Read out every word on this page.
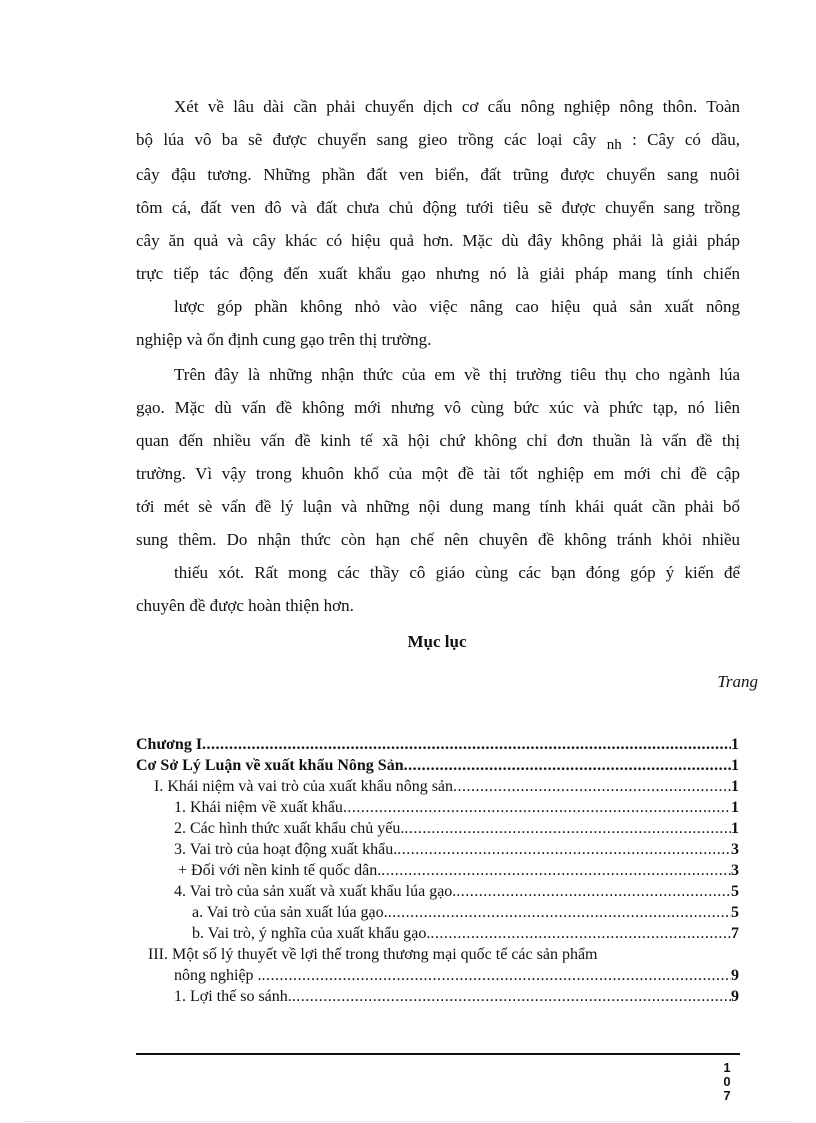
Xét về lâu dài cần phải chuyển dịch cơ cấu nông nghiệp nông thôn. Toàn
bộ lúa vô ba sẽ được chuyển sang gieo trồng các loại cây nh : Cây có dầu,
cây đậu tương. Những phần đất ven biển, đất trũng được chuyển sang nuôi
tôm cá, đất ven đô và đất chưa chủ động tưới tiêu sẽ được chuyển sang trồng
cây ăn quả và cây khác có hiệu quả hơn. Mặc dù đây không phải là giải pháp
trực tiếp tác động đến xuất khẩu gạo nhưng nó là giải pháp mang tính chiến
lược góp phần không nhỏ vào việc nâng cao hiệu quả sản xuất nông
nghiệp và ổn định cung gạo trên thị trường.
Trên đây là những nhận thức của em về thị trường tiêu thụ cho ngành lúa
gạo. Mặc dù vấn đề không mới nhưng vô cùng bức xúc và phức tạp, nó liên
quan đến nhiều vấn đề kinh tế xã hội chứ không chỉ đơn thuần là vấn đề thị
trường. Vì vậy trong khuôn khổ của một đề tài tốt nghiệp em mới chỉ đề cập
tới mét sè vấn đề lý luận và những nội dung mang tính khái quát cần phải bổ
sung thêm. Do nhận thức còn hạn chế nên chuyên đề không tránh khỏi nhiều
thiếu xót. Rất mong các thầy cô giáo cùng các bạn đóng góp ý kiến để
chuyên đề được hoàn thiện hơn.
Mục lục
Trang
Chương I .....	1
Cơ Sở Lý Luận về xuất khẩu Nông Sản .....	1
I. Khái niệm và vai trò của xuất khẩu nông sản .....	1
1. Khái niệm về xuất khẩu .....	1
2. Các hình thức xuất khẩu chủ yếu. .....	1
3. Vai trò của hoạt động xuất khẩu. .....	3
+ Đối với nền kinh tế quốc dân. .....	3
4. Vai trò của sản xuất và xuất khẩu lúa gạo. .....	5
a. Vai trò của sản xuất lúa gạo. .....	5
b. Vai trò, ý nghĩa của xuất khẩu gạo. .....	7
III. Một số lý thuyết về lợi thế trong thương mại quốc tế các sản phẩm
nông nghiệp . .....	9
1. Lợi thế so sánh. .....	9
1
0
7
